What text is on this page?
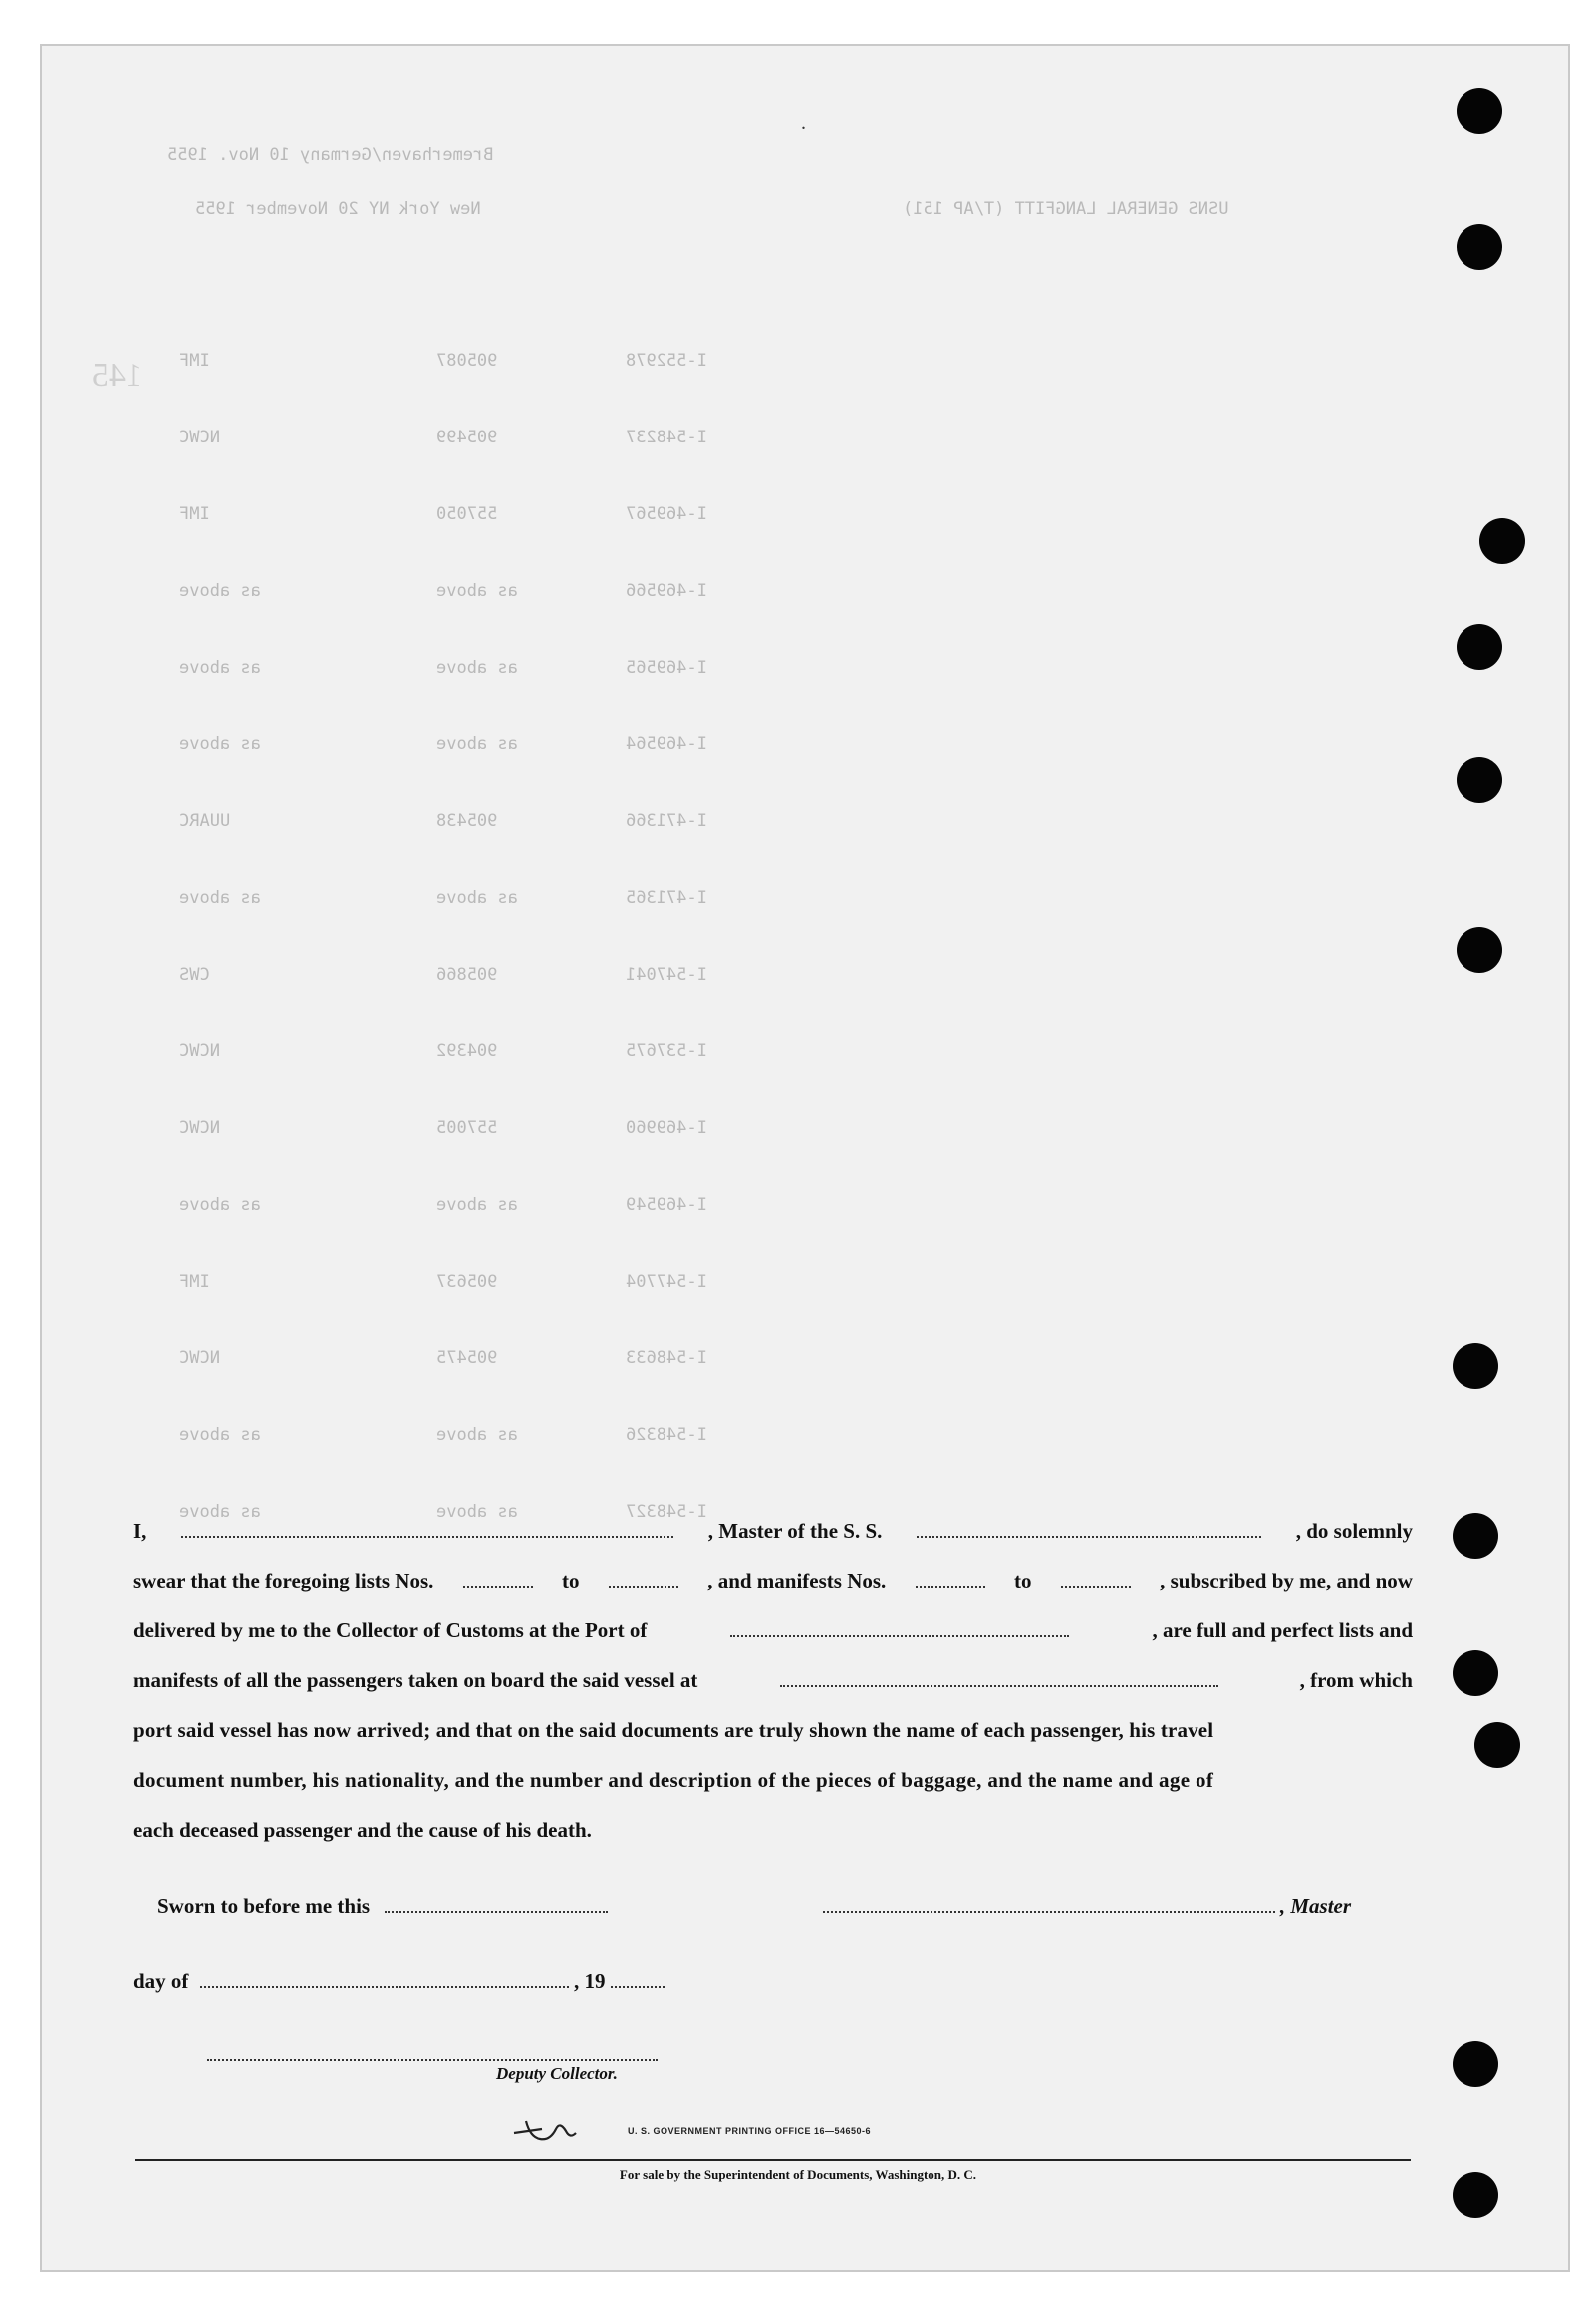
145
Bremerhaven/Germany 10 Nov. 1955
New York NY 20 November 1955	USNS GENERAL LANGFITT (T/AP 151)
IMF	905087	I-552978
NCWC	905499	I-548237
IMF	557050	I-469567
as above	as above	I-469566
as above	as above	I-469565
as above	as above	I-469564
UUARC	905438	I-471366
as above	as above	I-471365
CWS	905866	I-547041
NCWC	904392	I-537675
NCWC	557005	I-469960
as above	as above	I-469549
IMF	905637	I-547704
NCWC	905475	I-548633
as above	as above	I-548326
as above	as above	I-548327
I,	, Master of the S. S.	, do solemnly
swear that the foregoing lists Nos.	to	, and manifests Nos.	to	, subscribed by me, and now
delivered by me to the Collector of Customs at the Port of	, are full and perfect lists and
manifests of all the passengers taken on board the said vessel at	, from which
port said vessel has now arrived; and that on the said documents are truly shown the name of each passenger, his travel
document number, his nationality, and the number and description of the pieces of baggage, and the name and age of
each deceased passenger and the cause of his death.
Sworn to before me this	, Master
day of	, 19
Deputy Collector.
U. S. GOVERNMENT PRINTING OFFICE 16—54650-6
For sale by the Superintendent of Documents, Washington, D. C.
.
